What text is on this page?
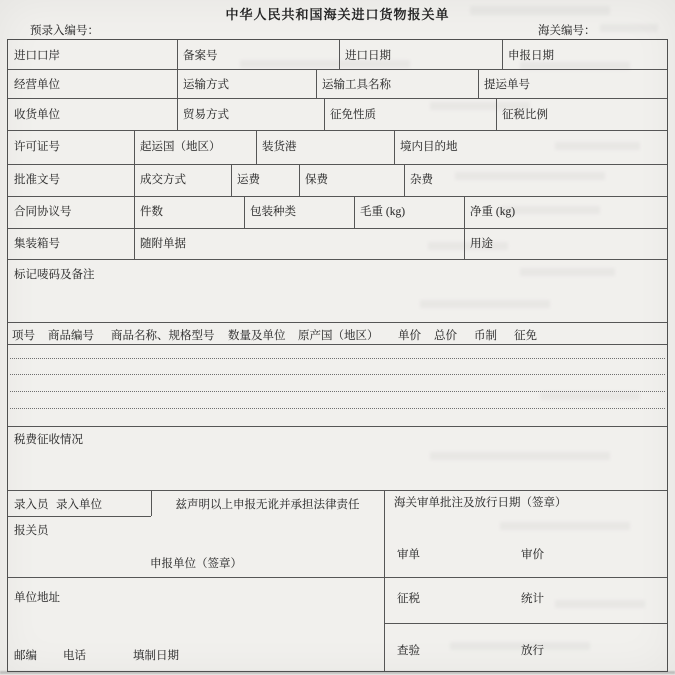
中华人民共和国海关进口货物报关单
预录入编号：	海关编号：
进口口岸	备案号	进口日期	申报日期
经营单位	运输方式	运输工具名称	提运单号
收货单位	贸易方式	征免性质	征税比例
许可证号	起运国（地区）	装货港	境内目的地
批准文号	成交方式	运费	保费	杂费
合同协议号	件数	包装种类	毛重 (kg)	净重 (kg)
集装箱号	随附单据	用途
标记唛码及备注
项号 商品编号 商品名称、规格型号 数量及单位 原产国（地区） 单价 总价 币制 征免
税费征收情况
录入员 录入单位	兹声明以上申报无讹并承担法律责任
报关员
申报单位（签章）
单位地址
邮编 电话	填制日期
海关审单批注及放行日期（签章）
审单	审价
征税	统计
查验	放行
